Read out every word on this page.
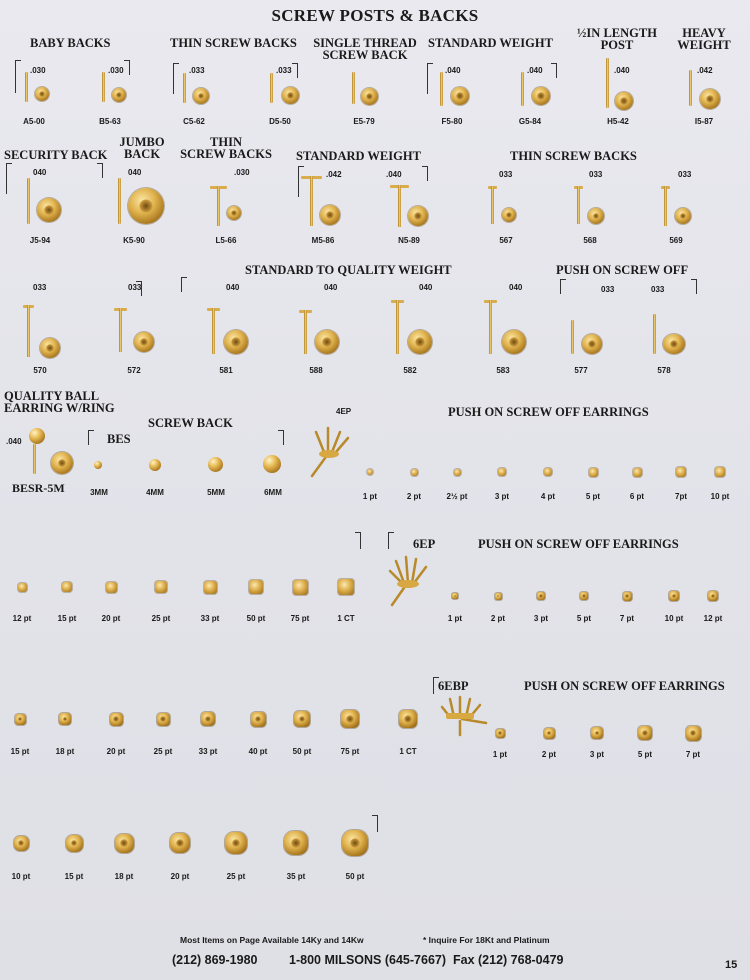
SCREW POSTS & BACKS
BABY BACKS	THIN SCREW BACKS SINGLE THREAD
SCREW BACK
STANDARD WEIGHT
½IN LENGTH
POST
HEAVY
WEIGHT
.030	.030	.033	.033	.040	.040	.040	.042
A5-00	B5-63	C5-62	D5-50	E5-79	F5-80	G5-84	H5-42	I5-87
SECURITY BACK
JUMBO
BACK
THIN
SCREW BACKS	STANDARD WEIGHT	THIN SCREW BACKS
040	040	.030	.042	.040	033	033	033
J5-94	K5-90	L5-66	M5-86	N5-89	567	568	569
STANDARD TO QUALITY WEIGHT	PUSH ON SCREW OFF
033	033	040	040	040	040	033	033
570	572	581	588	582	583	577	578
QUALITY BALL
EARRING W/RING
SCREW BACK
BES
4EP	PUSH ON SCREW OFF EARRINGS
.040
BESR-5M	3MM	4MM	5MM	6MM	1 pt	2 pt	2½ pt	3 pt	4 pt	5 pt	6 pt	7pt	10 pt
6EP	PUSH ON SCREW OFF EARRINGS
12 pt	15 pt	20 pt	25 pt	33 pt	50 pt	75 pt	1 CT	1 pt	2 pt	3 pt	5 pt	7 pt	10 pt	12 pt
6EBP	PUSH ON SCREW OFF EARRINGS
15 pt	18 pt	20 pt	25 pt	33 pt	40 pt	50 pt	75 pt	1 CT	1 pt	2 pt	3 pt	5 pt	7 pt
10 pt	15 pt	18 pt	20 pt	25 pt	35 pt	50 pt
Most Items on Page Available 14Ky and 14Kw	* Inquire For 18Kt and Platinum
(212) 869-1980	1-800 MILSONS (645-7667) Fax (212) 768-0479	15
